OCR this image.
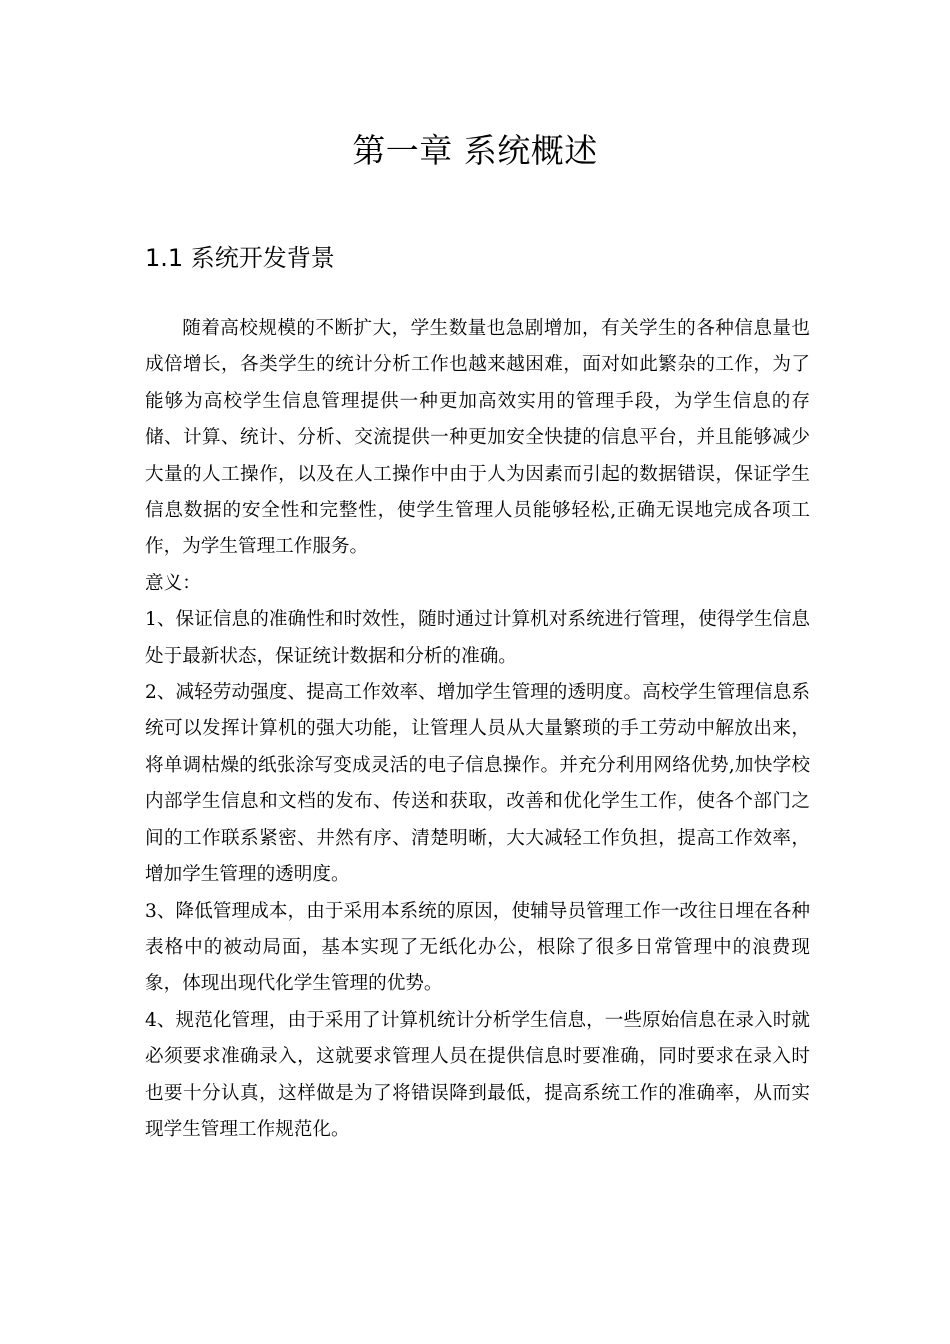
第一章 系统概述
1.1 系统开发背景

随着高校规模的不断扩大，学生数量也急剧增加，有关学生的各种信息量也成倍增长，各类学生的统计分析工作也越来越困难，面对如此繁杂的工作，为了能够为高校学生信息管理提供一种更加高效实用的管理手段，为学生信息的存储、计算、统计、分析、交流提供一种更加安全快捷的信息平台，并且能够减少大量的人工操作，以及在人工操作中由于人为因素而引起的数据错误，保证学生信息数据的安全性和完整性，使学生管理人员能够轻松,正确无误地完成各项工作，为学生管理工作服务。

意义：

1、保证信息的准确性和时效性，随时通过计算机对系统进行管理，使得学生信息处于最新状态，保证统计数据和分析的准确。

2、减轻劳动强度、提高工作效率、增加学生管理的透明度。高校学生管理信息系统可以发挥计算机的强大功能，让管理人员从大量繁琐的手工劳动中解放出来，将单调枯燥的纸张涂写变成灵活的电子信息操作。并充分利用网络优势,加快学校内部学生信息和文档的发布、传送和获取，改善和优化学生工作，使各个部门之间的工作联系紧密、井然有序、清楚明晰，大大减轻工作负担，提高工作效率，增加学生管理的透明度。

3、降低管理成本，由于采用本系统的原因，使辅导员管理工作一改往日埋在各种表格中的被动局面，基本实现了无纸化办公，根除了很多日常管理中的浪费现象，体现出现代化学生管理的优势。

4、规范化管理，由于采用了计算机统计分析学生信息，一些原始信息在录入时就必须要求准确录入，这就要求管理人员在提供信息时要准确，同时要求在录入时也要十分认真，这样做是为了将错误降到最低，提高系统工作的准确率，从而实现学生管理工作规范化。
